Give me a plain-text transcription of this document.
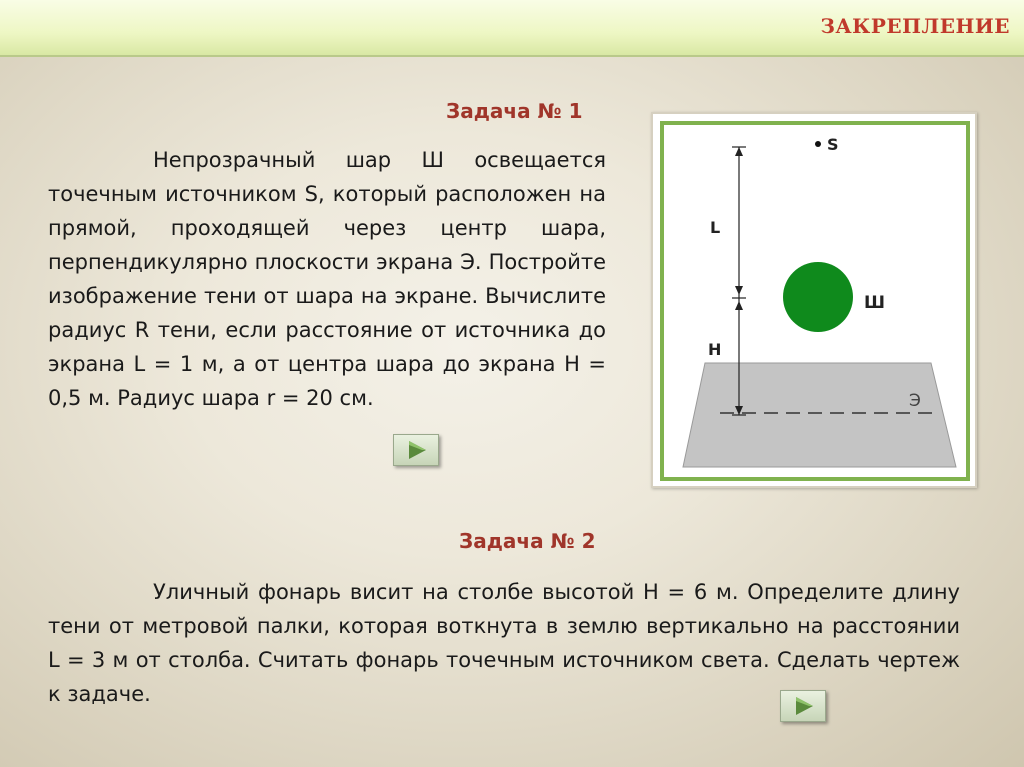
ЗАКРЕПЛЕНИЕ
Задача № 1

Непрозрачный шар Ш освещается точечным источником S, который расположен на прямой, проходящей через центр шара, перпендикулярно плоскости экрана Э. Постройте изображение тени от шара на экране. Вычислите радиус R тени, если расстояние от источника до экрана L = 1 м, а от центра шара до экрана H = 0,5 м. Радиус шара r = 20 см.

S
L
H
Ш
Э
Задача № 2

Уличный фонарь висит на столбе высотой H = 6 м. Определите длину тени от метровой палки, которая воткнута в землю вертикально на расстоянии L = 3 м от столба. Считать фонарь точечным источником света. Сделать чертеж к задаче.
